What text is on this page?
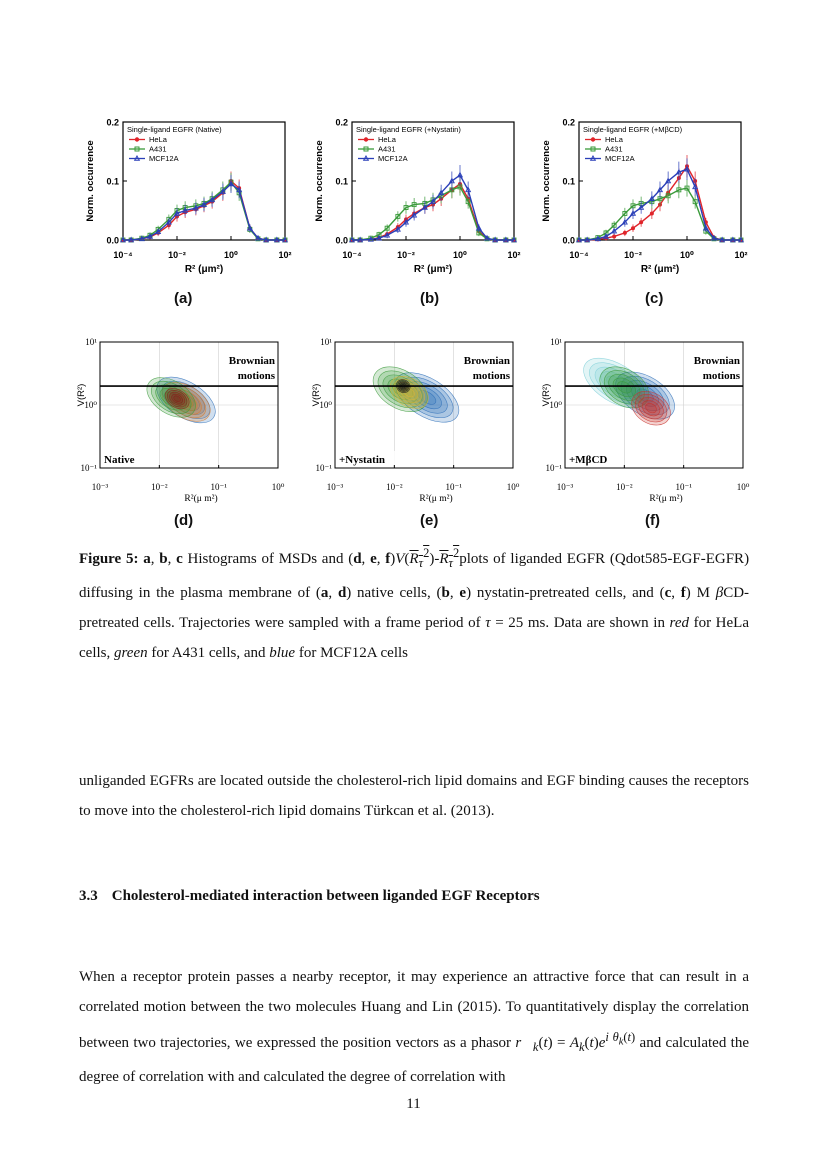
0.0
0.1
0.2
10⁻⁴	10⁻²	10⁰	10²
R² (μm²)
Norm. occurrence
Single-ligand EGFR (Native)
HeLa
A431
MCF12A
0.0
0.1
0.2
10⁻⁴	10⁻²	10⁰	10²
R² (μm²)
Norm. occurrence
Single-ligand EGFR (+Nystatin)
HeLa
A431
MCF12A
0.0
0.1
0.2
10⁻⁴	10⁻²	10⁰	10²
R² (μm²)
Norm. occurrence
Single-ligand EGFR (+MβCD)
HeLa
A431
MCF12A
Brownian
motions
Native
10¹
10⁰
10⁻¹
10⁻³	10⁻²	10⁻¹	10⁰
R²(μ m²)
V(R²)
Brownian
motions
+Nystatin
10¹
10⁰
10⁻¹
10⁻³	10⁻²	10⁻¹	10⁰
R²(μ m²)
V(R²)
Brownian
motions
+MβCD
10¹
10⁰
10⁻¹
10⁻³	10⁻²	10⁻¹	10⁰
R²(μ m²)
V(R²)
(a)	(b)	(c)
(d)	(e)	(f)
Figure 5: a, b, c Histograms of MSDs and (d, e, $f)V(R_\tau^2)-R_\tau^2plots$ of liganded EGFR (Qdot585-EGF-EGFR) diffusing in the plasma membrane of (a, d) native cells, (b, e) nystatin-pretreated cells, and (c, f) M βCD-pretreated cells. Trajectories were sampled with a frame period of τ = 25 ms. Data are shown in red for HeLa cells, green for A431 cells, and blue for MCF12A cells
unliganded EGFRs are located outside the cholesterol-rich lipid domains and EGF binding causes the receptors to move into the cholesterol-rich lipid domains Türkcan et al. (2013).
3.3 Cholesterol-mediated interaction between liganded EGF Receptors
When a receptor protein passes a nearby receptor, it may experience an attractive force that can result in a correlated motion between the two molecules Huang and Lin (2015). To quantitatively display the correlation between two trajectories, we expressed the position vectors as a phasor $r⃗_k(t) = A_k(t)e^{i \theta_k(t)}$ and calculated the degree of correlation with and calculated the degree of correlation with
11
